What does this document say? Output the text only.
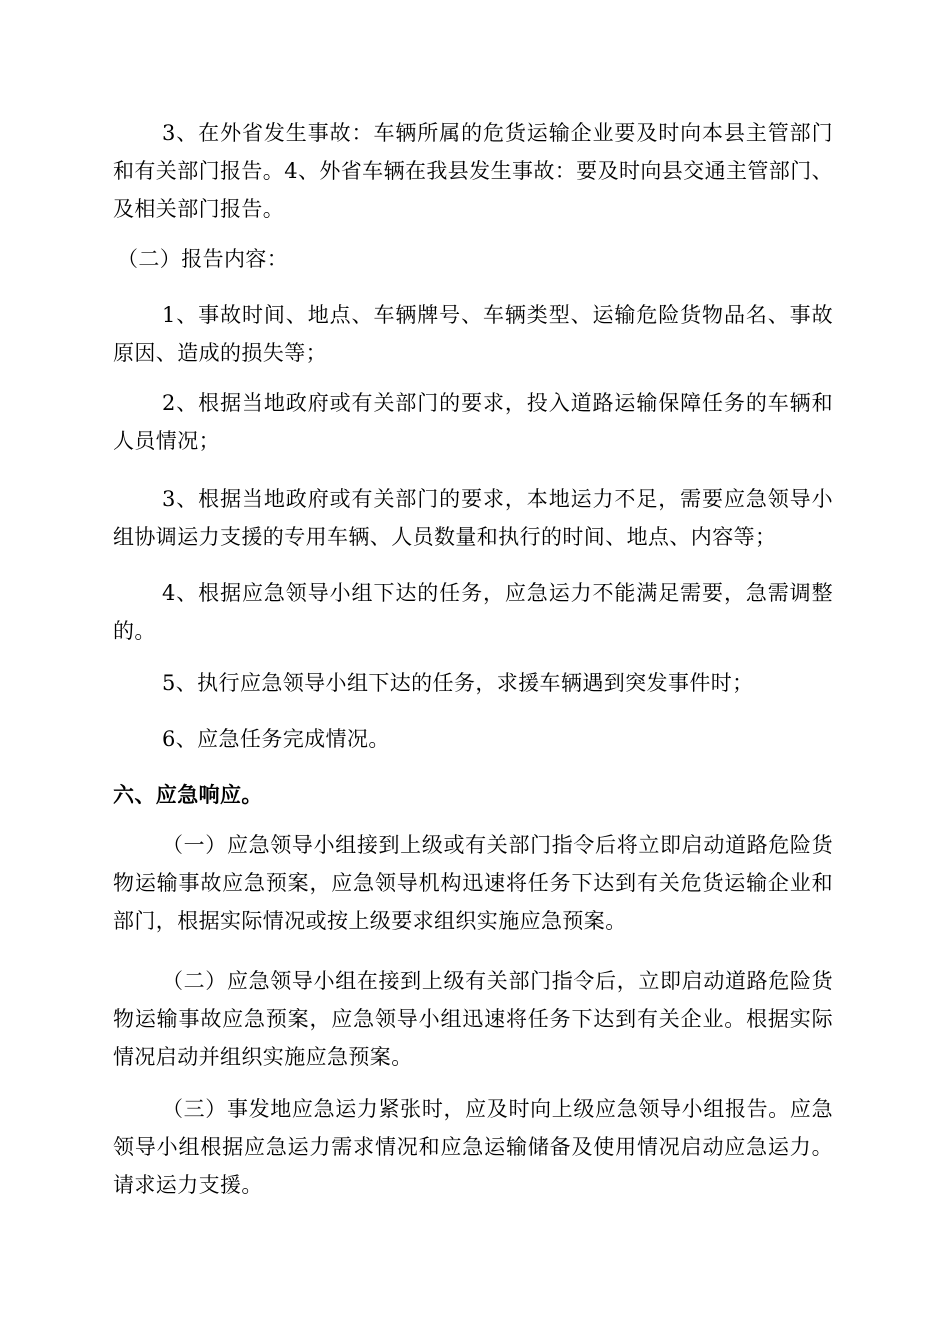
3、在外省发生事故：车辆所属的危货运输企业要及时向本县主管部门和有关部门报告。4、外省车辆在我县发生事故：要及时向县交通主管部门、及相关部门报告。

（二）报告内容：

1、事故时间、地点、车辆牌号、车辆类型、运输危险货物品名、事故原因、造成的损失等；

2、根据当地政府或有关部门的要求，投入道路运输保障任务的车辆和人员情况；

3、根据当地政府或有关部门的要求，本地运力不足，需要应急领导小组协调运力支援的专用车辆、人员数量和执行的时间、地点、内容等；

4、根据应急领导小组下达的任务，应急运力不能满足需要，急需调整的。

5、执行应急领导小组下达的任务，求援车辆遇到突发事件时；

6、应急任务完成情况。

六、应急响应。

（一）应急领导小组接到上级或有关部门指令后将立即启动道路危险货物运输事故应急预案，应急领导机构迅速将任务下达到有关危货运输企业和部门，根据实际情况或按上级要求组织实施应急预案。

（二）应急领导小组在接到上级有关部门指令后，立即启动道路危险货物运输事故应急预案，应急领导小组迅速将任务下达到有关企业。根据实际情况启动并组织实施应急预案。

（三）事发地应急运力紧张时，应及时向上级应急领导小组报告。应急领导小组根据应急运力需求情况和应急运输储备及使用情况启动应急运力。请求运力支援。
